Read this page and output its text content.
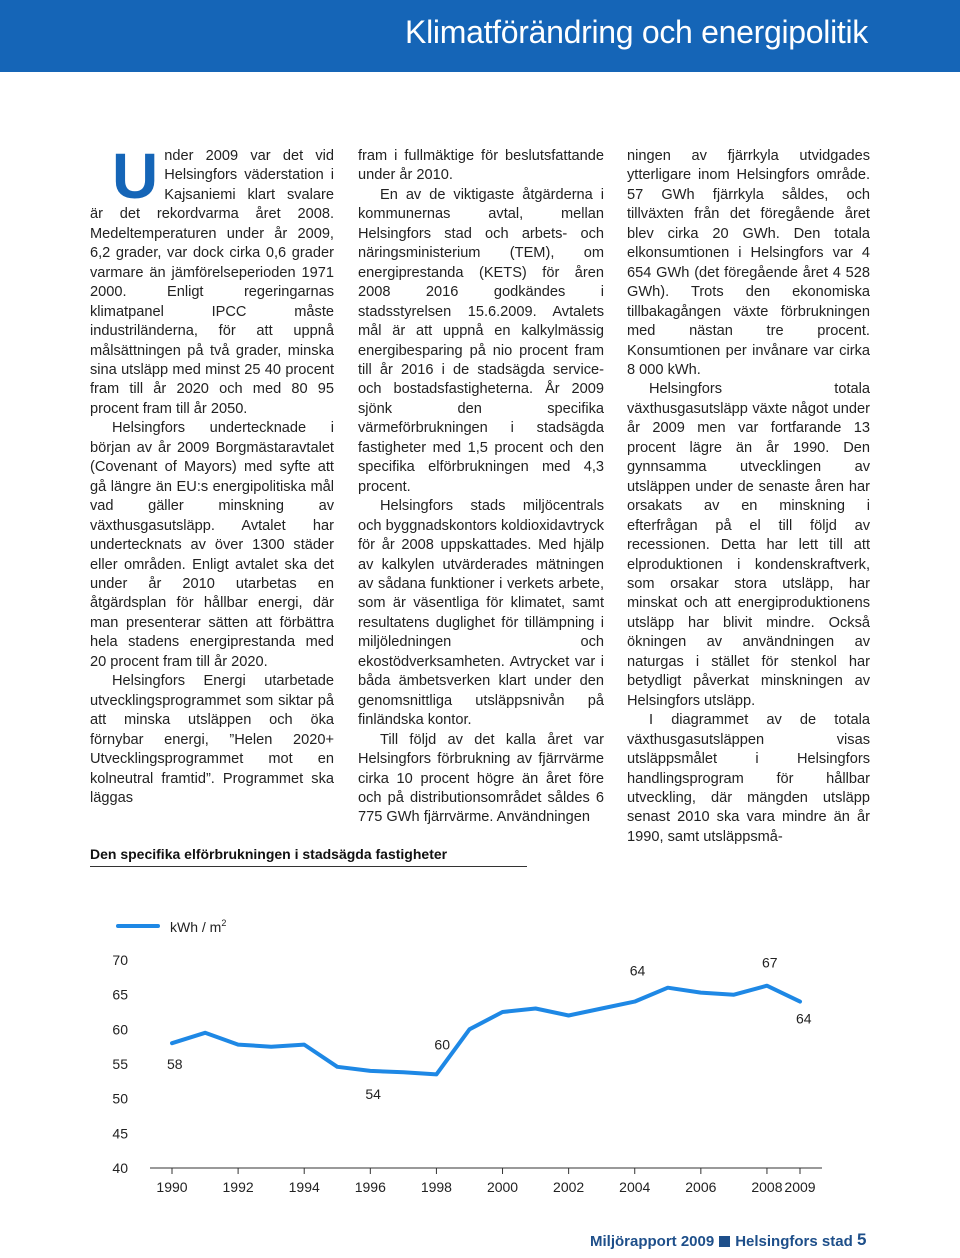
Klimatförändring och energipolitik

Under 2009 var det vid Helsingfors väderstation i Kajsaniemi klart svalare är det rekordvarma året 2008. Medeltemperaturen under år 2009, 6,2 grader, var dock cirka 0,6 grader varmare än jämförelseperioden 1971 2000. Enligt regeringarnas klimatpanel IPCC måste industriländerna, för att uppnå målsättningen på två grader, minska sina utsläpp med minst 25 40 procent fram till år 2020 och med 80 95 procent fram till år 2050.

Helsingfors undertecknade i början av år 2009 Borgmästaravtalet (Covenant of Mayors) med syfte att gå längre än EU:s energipolitiska mål vad gäller minskning av växthusgasutsläpp. Avtalet har undertecknats av över 1300 städer eller områden. Enligt avtalet ska det under år 2010 utarbetas en åtgärdsplan för hållbar energi, där man presenterar sätten att förbättra hela stadens energiprestanda med 20 procent fram till år 2020.

Helsingfors Energi utarbetade utvecklingsprogrammet som siktar på att minska utsläppen och öka förnybar energi, ”Helen 2020+ Utvecklingsprogrammet mot en kolneutral framtid”. Programmet ska läggas

fram i fullmäktige för beslutsfattande under år 2010.

En av de viktigaste åtgärderna i kommunernas avtal, mellan Helsingfors stad och arbets- och näringsministerium (TEM), om energiprestanda (KETS) för åren 2008 2016 godkändes i stadsstyrelsen 15.6.2009. Avtalets mål är att uppnå en kalkylmässig energibesparing på nio procent fram till år 2016 i de stadsägda service- och bostadsfastigheterna. År 2009 sjönk den specifika värmeförbrukningen i stadsägda fastigheter med 1,5 procent och den specifika elförbrukningen med 4,3 procent.

Helsingfors stads miljöcentrals och byggnadskontors koldioxidavtryck för år 2008 uppskattades. Med hjälp av kalkylen utvärderades mätningen av sådana funktioner i verkets arbete, som är väsentliga för klimatet, samt resultatens duglighet för tillämpning i miljöledningen och ekostödverksamheten. Avtrycket var i båda ämbetsverken klart under den genomsnittliga utsläppsnivån på finländska kontor.

Till följd av det kalla året var Helsingfors förbrukning av fjärrvärme cirka 10 procent högre än året före och på distributionsområdet såldes 6 775 GWh fjärrvärme. Användningen

ningen av fjärrkyla utvidgades ytterligare inom Helsingfors område. 57 GWh fjärrkyla såldes, och tillväxten från det föregående året blev cirka 20 GWh. Den totala elkonsumtionen i Helsingfors var 4 654 GWh (det föregående året 4 528 GWh). Trots den ekonomiska tillbakagången växte förbrukningen med nästan tre procent. Konsumtionen per invånare var cirka 8 000 kWh.

Helsingfors totala växthusgasutsläpp växte något under år 2009 men var fortfarande 13 procent lägre än år 1990. Den gynnsamma utvecklingen av utsläppen under de senaste åren har orsakats av en minskning i efterfrågan på el till följd av recessionen. Detta har lett till att elproduktionen i kondenskraftverk, som orsakar stora utsläpp, har minskat och att energiproduktionens utsläpp har blivit mindre. Också ökningen av användningen av naturgas i stället för stenkol har betydligt påverkat minskningen av Helsingfors utsläpp.

I diagrammet av de totala växthusgasutsläppen visas utsläppsmålet i Helsingfors handlingsprogram för hållbar utveckling, där mängden utsläpp senast 2010 ska vara mindre än år 1990, samt utsläppsmå-

Den specifika elförbrukningen i stadsägda fastigheter
kWh / $m^2$
70
65
60
55
50
45
40
1990 1992 1994 1996 1998 2000 2002 2004 2006 2008 2009
58
54
60
64	67
64
Miljörapport 2009 Helsingfors stad 5
